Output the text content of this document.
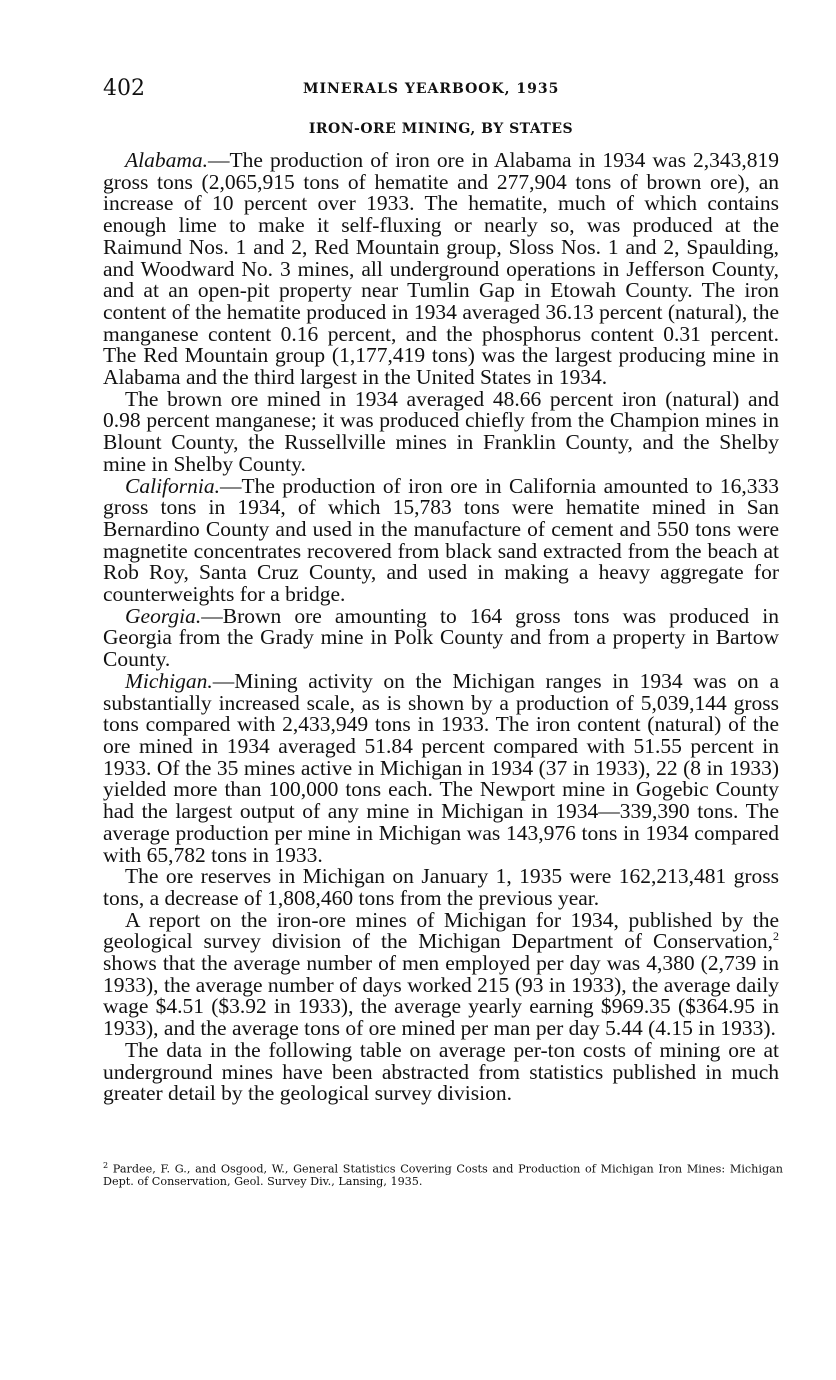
402	MINERALS YEARBOOK, 1935
IRON-ORE MINING, BY STATES

Alabama.—The production of iron ore in Alabama in 1934 was 2,343,819 gross tons (2,065,915 tons of hematite and 277,904 tons of brown ore), an increase of 10 percent over 1933. The hematite, much of which contains enough lime to make it self-fluxing or nearly so, was produced at the Raimund Nos. 1 and 2, Red Mountain group, Sloss Nos. 1 and 2, Spaulding, and Woodward No. 3 mines, all underground operations in Jefferson County, and at an open-pit property near Tumlin Gap in Etowah County. The iron content of the hematite produced in 1934 averaged 36.13 percent (natural), the manganese content 0.16 percent, and the phosphorus content 0.31 percent. The Red Mountain group (1,177,419 tons) was the largest producing mine in Alabama and the third largest in the United States in 1934.

The brown ore mined in 1934 averaged 48.66 percent iron (natural) and 0.98 percent manganese; it was produced chiefly from the Champion mines in Blount County, the Russellville mines in Franklin County, and the Shelby mine in Shelby County.

California.—The production of iron ore in California amounted to 16,333 gross tons in 1934, of which 15,783 tons were hematite mined in San Bernardino County and used in the manufacture of cement and 550 tons were magnetite concentrates recovered from black sand extracted from the beach at Rob Roy, Santa Cruz County, and used in making a heavy aggregate for counterweights for a bridge.

Georgia.—Brown ore amounting to 164 gross tons was produced in Georgia from the Grady mine in Polk County and from a property in Bartow County.

Michigan.—Mining activity on the Michigan ranges in 1934 was on a substantially increased scale, as is shown by a production of 5,039,144 gross tons compared with 2,433,949 tons in 1933. The iron content (natural) of the ore mined in 1934 averaged 51.84 percent compared with 51.55 percent in 1933. Of the 35 mines active in Michigan in 1934 (37 in 1933), 22 (8 in 1933) yielded more than 100,000 tons each. The Newport mine in Gogebic County had the largest output of any mine in Michigan in 1934—339,390 tons. The average production per mine in Michigan was 143,976 tons in 1934 compared with 65,782 tons in 1933.

The ore reserves in Michigan on January 1, 1935 were 162,213,481 gross tons, a decrease of 1,808,460 tons from the previous year.

A report on the iron-ore mines of Michigan for 1934, published by the geological survey division of the Michigan Department of Conservation,$^2$ shows that the average number of men employed per day was 4,380 (2,739 in 1933), the average number of days worked 215 (93 in 1933), the average daily wage $4.51 ($3.92 in 1933), the average yearly earning $969.35 ($364.95 in 1933), and the average tons of ore mined per man per day 5.44 (4.15 in 1933).

The data in the following table on average per-ton costs of mining ore at underground mines have been abstracted from statistics published in much greater detail by the geological survey division.

$^2$ Pardee, F. G., and Osgood, W., General Statistics Covering Costs and Production of Michigan Iron Mines: Michigan Dept. of Conservation, Geol. Survey Div., Lansing, 1935.
